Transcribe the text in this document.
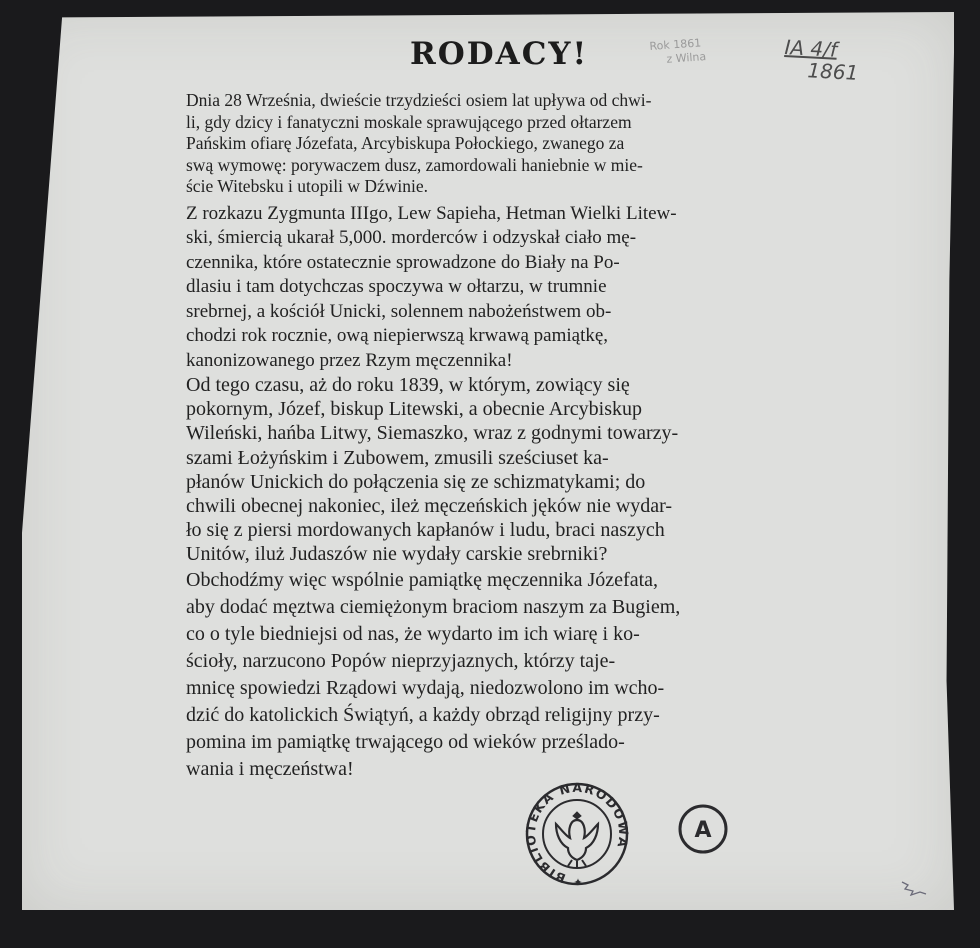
RODACY!	Rok 1861
z Wilna	IA 4/f
1861

Dnia 28 Września, dwieście trzydzieści osiem lat upływa od chwi-
li, gdy dzicy i fanatyczni moskale sprawującego przed ołtarzem
Pańskim ofiarę Józefata, Arcybiskupa Połockiego, zwanego za
swą wymowę: porywaczem dusz, zamordowali haniebnie w mie-
ście Witebsku i utopili w Dźwinie.

Z rozkazu Zygmunta IIIgo, Lew Sapieha, Hetman Wielki Litew-
ski, śmiercią ukarał 5,000. morderców i odzyskał ciało mę-
czennika, które ostatecznie sprowadzone do Biały na Po-
dlasiu i tam dotychczas spoczywa w ołtarzu, w trumnie
srebrnej, a kościół Unicki, solennem nabożeństwem ob-
chodzi rok rocznie, ową niepierwszą krwawą pamiątkę,
kanonizowanego przez Rzym męczennika!

Od tego czasu, aż do roku 1839, w którym, zowiący się
pokornym, Józef, biskup Litewski, a obecnie Arcybiskup
Wileński, hańba Litwy, Siemaszko, wraz z godnymi towarzy-
szami Łożyńskim i Zubowem, zmusili sześciuset ka-
płanów Unickich do połączenia się ze schizmatykami; do
chwili obecnej nakoniec, ileż męczeńskich jęków nie wydar-
ło się z piersi mordowanych kapłanów i ludu, braci naszych
Unitów, iluż Judaszów nie wydały carskie srebrniki?

Obchodźmy więc wspólnie pamiątkę męczennika Józefata,
aby dodać męztwa ciemiężonym braciom naszym za Bugiem,
co o tyle biedniejsi od nas, że wydarto im ich wiarę i ko-
ścioły, narzucono Popów nieprzyjaznych, którzy taje-
mnicę spowiedzi Rządowi wydają, niedozwolono im wcho-
dzić do katolickich Świątyń, a każdy obrząd religijny przy-
pomina im pamiątkę trwającego od wieków prześlado-
wania i męczeństwa!

BIBLIOTEKA NARODOWA
✦
A
